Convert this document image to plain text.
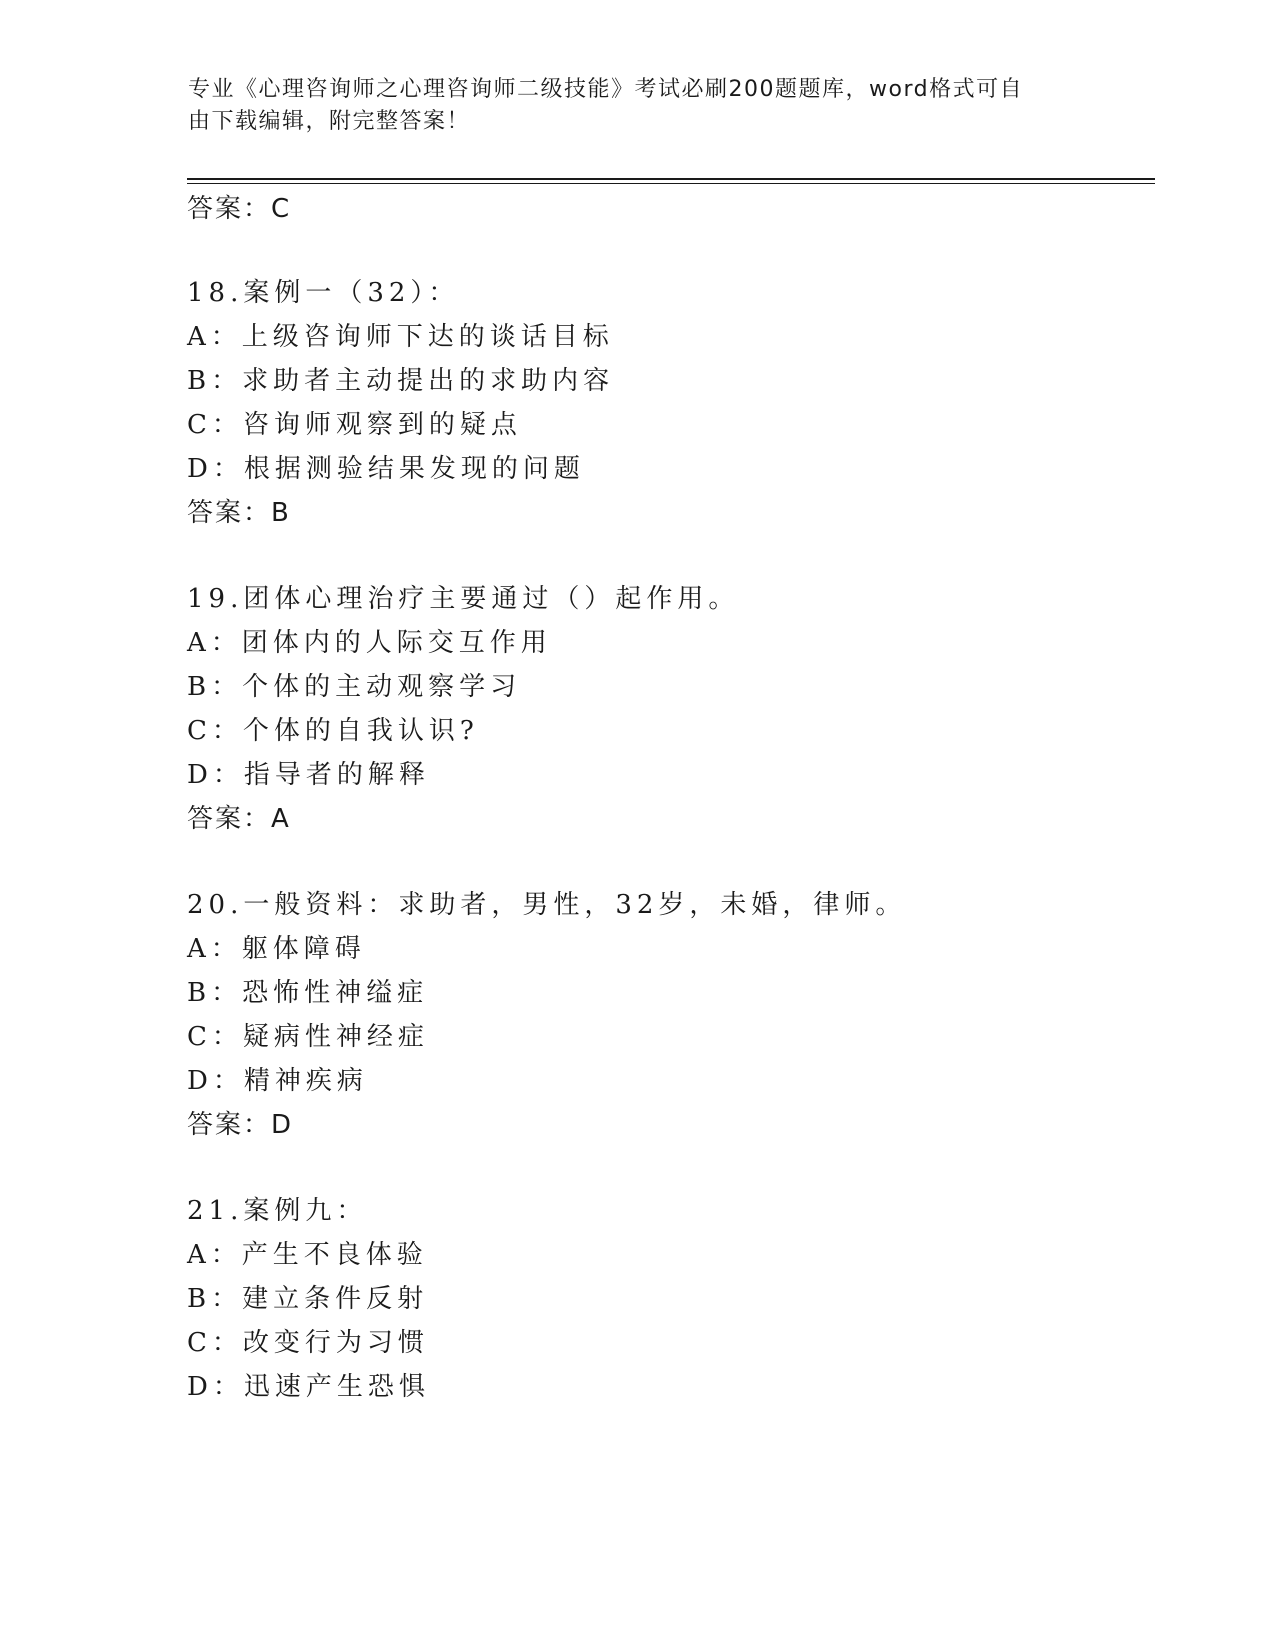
专业《心理咨询师之心理咨询师二级技能》考试必刷200题题库，word格式可自
由下载编辑，附完整答案！
答案：C
18.案例一（32）：
A：上级咨询师下达的谈话目标
B：求助者主动提出的求助内容
C：咨询师观察到的疑点
D：根据测验结果发现的问题
答案：B
19.团体心理治疗主要通过（）起作用。
A：团体内的人际交互作用
B：个体的主动观察学习
C：个体的自我认识?
D：指导者的解释
答案：A
20.一般资料：求助者，男性，32岁，未婚，律师。
A：躯体障碍
B：恐怖性神缢症
C：疑病性神经症
D：精神疾病
答案：D
21.案例九：
A：产生不良体验
B：建立条件反射
C：改变行为习惯
D：迅速产生恐惧
